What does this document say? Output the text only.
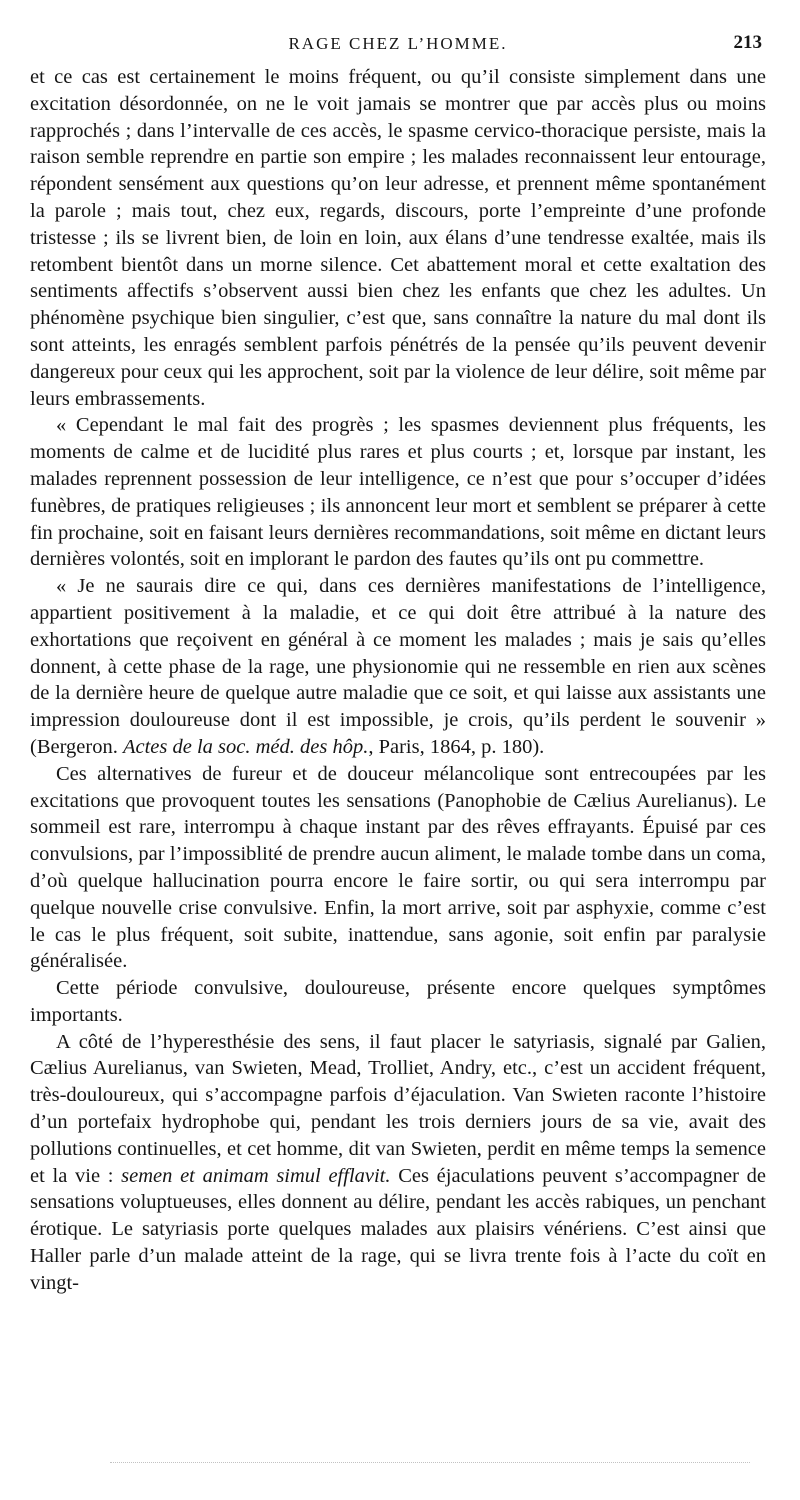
RAGE CHEZ L’HOMME.	213

et ce cas est certainement le moins fréquent, ou qu’il consiste simplement dans une excitation désordonnée, on ne le voit jamais se montrer que par accès plus ou moins rapprochés ; dans l’intervalle de ces accès, le spasme cervico-thoracique persiste, mais la raison semble reprendre en partie son empire ; les malades reconnaissent leur entourage, répondent sensément aux questions qu’on leur adresse, et prennent même spontanément la parole ; mais tout, chez eux, regards, discours, porte l’empreinte d’une profonde tristesse ; ils se livrent bien, de loin en loin, aux élans d’une tendresse exaltée, mais ils retombent bientôt dans un morne silence. Cet abattement moral et cette exaltation des sentiments affectifs s’observent aussi bien chez les enfants que chez les adultes. Un phénomène psychique bien singulier, c’est que, sans connaître la nature du mal dont ils sont atteints, les enragés semblent parfois pénétrés de la pensée qu’ils peuvent devenir dangereux pour ceux qui les approchent, soit par la violence de leur délire, soit même par leurs embrassements.

« Cependant le mal fait des progrès ; les spasmes deviennent plus fréquents, les moments de calme et de lucidité plus rares et plus courts ; et, lorsque par instant, les malades reprennent possession de leur intelligence, ce n’est que pour s’occuper d’idées funèbres, de pratiques religieuses ; ils annoncent leur mort et semblent se préparer à cette fin prochaine, soit en faisant leurs dernières recommandations, soit même en dictant leurs dernières volontés, soit en implorant le pardon des fautes qu’ils ont pu commettre.

« Je ne saurais dire ce qui, dans ces dernières manifestations de l’intelligence, appartient positivement à la maladie, et ce qui doit être attribué à la nature des exhortations que reçoivent en général à ce moment les malades ; mais je sais qu’elles donnent, à cette phase de la rage, une physionomie qui ne ressemble en rien aux scènes de la dernière heure de quelque autre maladie que ce soit, et qui laisse aux assistants une impression douloureuse dont il est impossible, je crois, qu’ils perdent le souvenir » (Bergeron. Actes de la soc. méd. des hôp., Paris, 1864, p. 180).

Ces alternatives de fureur et de douceur mélancolique sont entrecoupées par les excitations que provoquent toutes les sensations (Panophobie de Cælius Aurelianus). Le sommeil est rare, interrompu à chaque instant par des rêves effrayants. Épuisé par ces convulsions, par l’impossiblité de prendre aucun aliment, le malade tombe dans un coma, d’où quelque hallucination pourra encore le faire sortir, ou qui sera interrompu par quelque nouvelle crise convulsive. Enfin, la mort arrive, soit par asphyxie, comme c’est le cas le plus fréquent, soit subite, inattendue, sans agonie, soit enfin par paralysie généralisée.

Cette période convulsive, douloureuse, présente encore quelques symptômes importants.

A côté de l’hyperesthésie des sens, il faut placer le satyriasis, signalé par Galien, Cælius Aurelianus, van Swieten, Mead, Trolliet, Andry, etc., c’est un accident fréquent, très-douloureux, qui s’accompagne parfois d’éjaculation. Van Swieten raconte l’histoire d’un portefaix hydrophobe qui, pendant les trois derniers jours de sa vie, avait des pollutions continuelles, et cet homme, dit van Swieten, perdit en même temps la semence et la vie : semen et animam simul efflavit. Ces éjaculations peuvent s’accompagner de sensations voluptueuses, elles donnent au délire, pendant les accès rabiques, un penchant érotique. Le satyriasis porte quelques malades aux plaisirs vénériens. C’est ainsi que Haller parle d’un malade atteint de la rage, qui se livra trente fois à l’acte du coït en vingt-
